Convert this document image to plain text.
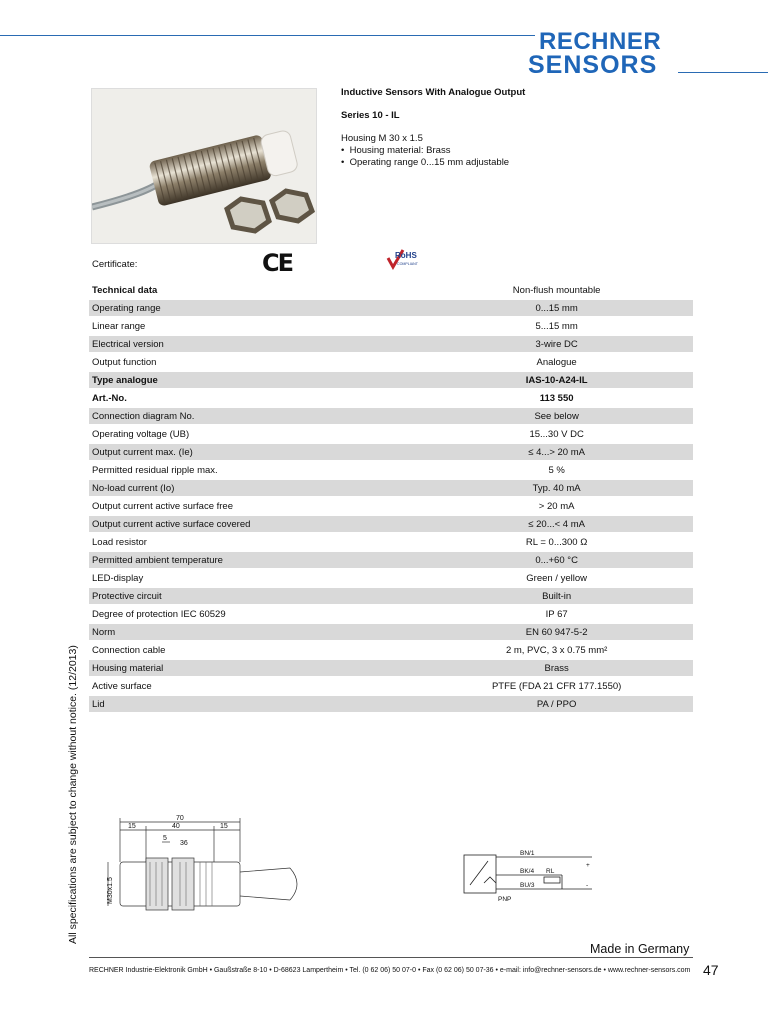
RECHNER
SENSORS
Inductive Sensors With Analogue Output
Series 10 - IL
Housing M 30 x 1.5
•  Housing material: Brass
•  Operating range 0...15 mm adjustable
Certificate:	CE	RoHS
COMPLIANT
Technical data	Non-flush mountable
Operating range	0...15 mm
Linear range	5...15 mm
Electrical version	3-wire DC
Output function	Analogue
Type analogue	IAS-10-A24-IL
Art.-No.	113 550
Connection diagram No.	See below
Operating voltage (UB)	15...30 V DC
Output current max. (Ie)	≤ 4...> 20 mA
Permitted residual ripple max.	5 %
No-load current (Io)	Typ. 40 mA
Output current active surface free	> 20 mA
Output current active surface covered	≤ 20...< 4 mA
Load resistor	RL = 0...300 Ω
Permitted ambient temperature	0...+60 °C
LED-display	Green / yellow
Protective circuit	Built-in
Degree of protection IEC 60529	IP 67
Norm	EN 60 947-5-2
Connection cable	2 m, PVC, 3 x 0.75 mm²
Housing material	Brass
Active surface	PTFE (FDA 21 CFR 177.1550)
Lid	PA / PPO
70
15	40	15
5
36
M30x1.5
BN/1
BK/4
BU/3
RL
PNP
+
-
All specifications are subject to change without notice. (12/2013)
Made in Germany
RECHNER Industrie-Elektronik GmbH • Gaußstraße 8-10 • D-68623 Lampertheim • Tel. (0 62 06) 50 07-0 • Fax (0 62 06) 50 07-36 • e-mail: info@rechner-sensors.de • www.rechner-sensors.com 47
